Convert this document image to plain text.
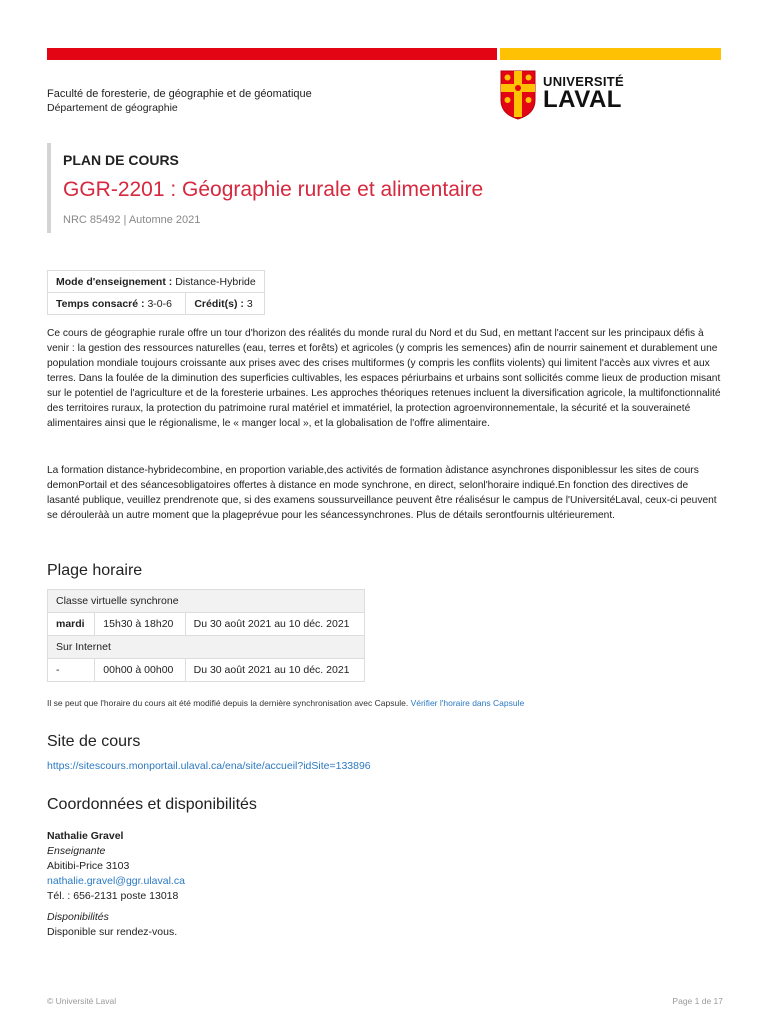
Faculté de foresterie, de géographie et de géomatique
Département de géographie
UNIVERSITÉ
LAVAL
PLAN DE COURS
GGR-2201 : Géographie rurale et alimentaire
NRC 85492 | Automne 2021
Mode d'enseignement : Distance-Hybride
Temps consacré : 3-0-6	Crédit(s) : 3

Ce cours de géographie rurale offre un tour d'horizon des réalités du monde rural du Nord et du Sud, en mettant l'accent sur les principaux défis à venir : la gestion des ressources naturelles (eau, terres et forêts) et agricoles (y compris les semences) afin de nourrir sainement et durablement une population mondiale toujours croissante aux prises avec des crises multiformes (y compris les conflits violents) qui limitent l'accès aux vivres et aux terres. Dans la foulée de la diminution des superficies cultivables, les espaces périurbains et urbains sont sollicités comme lieux de production misant sur le potentiel de l'agriculture et de la foresterie urbaines. Les approches théoriques retenues incluent la diversification agricole, la multifonctionnalité des territoires ruraux, la protection du patrimoine rural matériel et immatériel, la protection agroenvironnementale, la sécurité et la souveraineté alimentaires ainsi que le régionalisme, le « manger local », et la globalisation de l'offre alimentaire.

La formation distance-hybridecombine, en proportion variable,des activités de formation àdistance asynchrones disponiblessur les sites de cours demonPortail et des séancesobligatoires offertes à distance en mode synchrone, en direct, selonl'horaire indiqué.En fonction des directives de lasanté publique, veuillez prendrenote que, si des examens soussurveillance peuvent être réalisésur le campus de l'UniversitéLaval, ceux-ci peuvent se dérouleràà un autre moment que la plageprévue pour les séancessynchrones. Plus de détails serontfournis ultérieurement.

Plage horaire
Classe virtuelle synchrone		
mardi	15h30 à 18h20	Du 30 août 2021 au 10 déc. 2021
Sur Internet		
-	00h00 à 00h00	Du 30 août 2021 au 10 déc. 2021
Il se peut que l'horaire du cours ait été modifié depuis la dernière synchronisation avec Capsule. Vérifier l'horaire dans Capsule
Site de cours
https://sitescours.monportail.ulaval.ca/ena/site/accueil?idSite=133896
Coordonnées et disponibilités
Nathalie Gravel
Enseignante
Abitibi-Price 3103
nathalie.gravel@ggr.ulaval.ca
Tél. : 656-2131 poste 13018
Disponibilités
Disponible sur rendez-vous.
© Université Laval	Page 1 de 17
